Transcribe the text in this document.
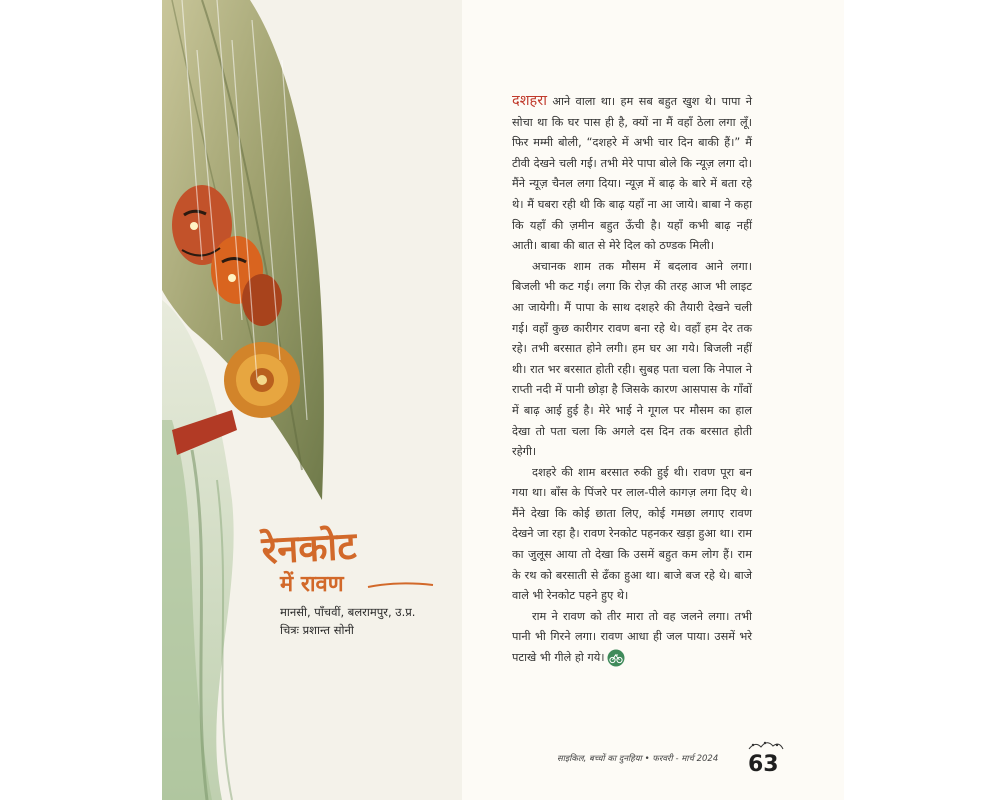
रेनकोट
में रावण
मानसी, पाँचवीं, बलरामपुर, उ.प्र.
चित्रः प्रशान्त सोनी

दशहरा आने वाला था। हम सब बहुत खुश थे। पापा ने सोचा था कि घर पास ही है, क्यों ना मैं वहाँ ठेला लगा लूँ। फिर मम्मी बोली, “दशहरे में अभी चार दिन बाकी हैं।” मैं टीवी देखने चली गई। तभी मेरे पापा बोले कि न्यूज़ लगा दो। मैंने न्यूज़ चैनल लगा दिया। न्यूज़ में बाढ़ के बारे में बता रहे थे। मैं घबरा रही थी कि बाढ़ यहाँ ना आ जाये। बाबा ने कहा कि यहाँ की ज़मीन बहुत ऊँची है। यहाँ कभी बाढ़ नहीं आती। बाबा की बात से मेरे दिल को ठण्डक मिली।

अचानक शाम तक मौसम में बदलाव आने लगा। बिजली भी कट गई। लगा कि रोज़ की तरह आज भी लाइट आ जायेगी। मैं पापा के साथ दशहरे की तैयारी देखने चली गई। वहाँ कुछ कारीगर रावण बना रहे थे। वहाँ हम देर तक रहे। तभी बरसात होने लगी। हम घर आ गये। बिजली नहीं थी। रात भर बरसात होती रही। सुबह पता चला कि नेपाल ने राप्ती नदी में पानी छोड़ा है जिसके कारण आसपास के गाँवों में बाढ़ आई हुई है। मेरे भाई ने गूगल पर मौसम का हाल देखा तो पता चला कि अगले दस दिन तक बरसात होती रहेगी।

दशहरे की शाम बरसात रुकी हुई थी। रावण पूरा बन गया था। बाँस के पिंजरे पर लाल-पीले कागज़ लगा दिए थे। मैंने देखा कि कोई छाता लिए, कोई गमछा लगाए रावण देखने जा रहा है। रावण रेनकोट पहनकर खड़ा हुआ था। राम का जुलूस आया तो देखा कि उसमें बहुत कम लोग हैं। राम के रथ को बरसाती से ढँका हुआ था। बाजे बज रहे थे। बाजे वाले भी रेनकोट पहने हुए थे।

राम ने रावण को तीर मारा तो वह जलने लगा। तभी पानी भी गिरने लगा। रावण आधा ही जल पाया। उसमें भरे पटाखे भी गीले हो गये।

साइकिल, बच्चों का दुनहिया • फरवरी - मार्च 2024 63
